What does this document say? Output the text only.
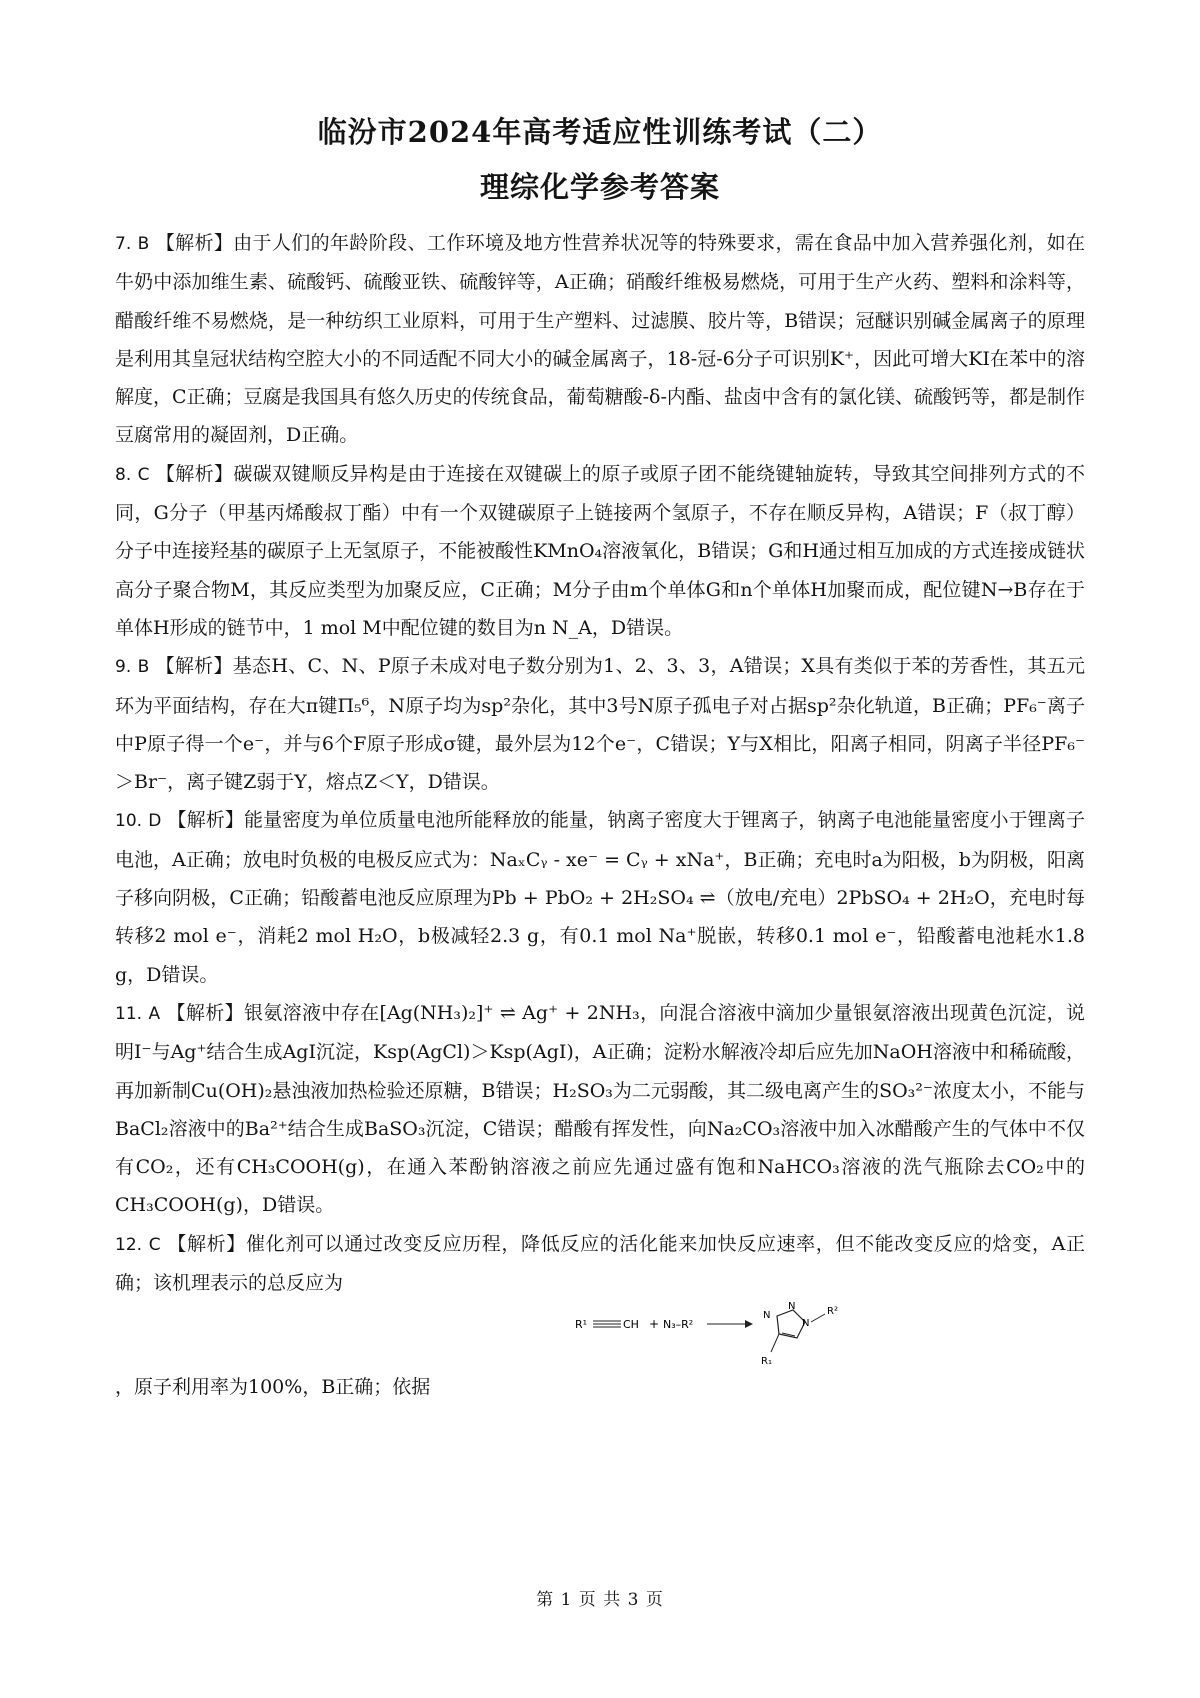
临汾市2024年高考适应性训练考试（二）
理综化学参考答案

7. B 【解析】由于人们的年龄阶段、工作环境及地方性营养状况等的特殊要求，需在食品中加入营养强化剂，如在牛奶中添加维生素、硫酸钙、硫酸亚铁、硫酸锌等，A正确；硝酸纤维极易燃烧，可用于生产火药、塑料和涂料等，醋酸纤维不易燃烧，是一种纺织工业原料，可用于生产塑料、过滤膜、胶片等，B错误；冠醚识别碱金属离子的原理是利用其皇冠状结构空腔大小的不同适配不同大小的碱金属离子，18-冠-6分子可识别K⁺，因此可增大KI在苯中的溶解度，C正确；豆腐是我国具有悠久历史的传统食品，葡萄糖酸-δ-内酯、盐卤中含有的氯化镁、硫酸钙等，都是制作豆腐常用的凝固剂，D正确。

8. C 【解析】碳碳双键顺反异构是由于连接在双键碳上的原子或原子团不能绕键轴旋转，导致其空间排列方式的不同，G分子（甲基丙烯酸叔丁酯）中有一个双键碳原子上链接两个氢原子，不存在顺反异构，A错误；F（叔丁醇）分子中连接羟基的碳原子上无氢原子，不能被酸性KMnO₄溶液氧化，B错误；G和H通过相互加成的方式连接成链状高分子聚合物M，其反应类型为加聚反应，C正确；M分子由m个单体G和n个单体H加聚而成，配位键N→B存在于单体H形成的链节中，1 mol M中配位键的数目为n N_A，D错误。

9. B 【解析】基态H、C、N、P原子未成对电子数分别为1、2、3、3，A错误；X具有类似于苯的芳香性，其五元环为平面结构，存在大π键Π₅⁶，N原子均为sp²杂化，其中3号N原子孤电子对占据sp²杂化轨道，B正确；PF₆⁻离子中P原子得一个e⁻，并与6个F原子形成σ键，最外层为12个e⁻，C错误；Y与X相比，阳离子相同，阴离子半径PF₆⁻＞Br⁻，离子键Z弱于Y，熔点Z＜Y，D错误。

10. D 【解析】能量密度为单位质量电池所能释放的能量，钠离子密度大于锂离子，钠离子电池能量密度小于锂离子电池，A正确；放电时负极的电极反应式为：NaₓCᵧ - xe⁻ = Cᵧ + xNa⁺，B正确；充电时a为阳极，b为阴极，阳离子移向阴极，C正确；铅酸蓄电池反应原理为Pb + PbO₂ + 2H₂SO₄ ⇌（放电/充电）2PbSO₄ + 2H₂O，充电时每转移2 mol e⁻，消耗2 mol H₂O，b极减轻2.3 g，有0.1 mol Na⁺脱嵌，转移0.1 mol e⁻，铅酸蓄电池耗水1.8 g，D错误。

11. A 【解析】银氨溶液中存在[Ag(NH₃)₂]⁺ ⇌ Ag⁺ + 2NH₃，向混合溶液中滴加少量银氨溶液出现黄色沉淀，说明I⁻与Ag⁺结合生成AgI沉淀，Ksp(AgCl)＞Ksp(AgI)，A正确；淀粉水解液冷却后应先加NaOH溶液中和稀硫酸，再加新制Cu(OH)₂悬浊液加热检验还原糖，B错误；H₂SO₃为二元弱酸，其二级电离产生的SO₃²⁻浓度太小，不能与BaCl₂溶液中的Ba²⁺结合生成BaSO₃沉淀，C错误；醋酸有挥发性，向Na₂CO₃溶液中加入冰醋酸产生的气体中不仅有CO₂，还有CH₃COOH(g)，在通入苯酚钠溶液之前应先通过盛有饱和NaHCO₃溶液的洗气瓶除去CO₂中的CH₃COOH(g)，D错误。

12. C 【解析】催化剂可以通过改变反应历程，降低反应的活化能来加快反应速率，但不能改变反应的焓变，A正确；该机理表示的总反应为
R¹	CH + N₃–R²
N
N
N
R²
R₁
，原子利用率为100%，B正确；依据

第 1 页 共 3 页
